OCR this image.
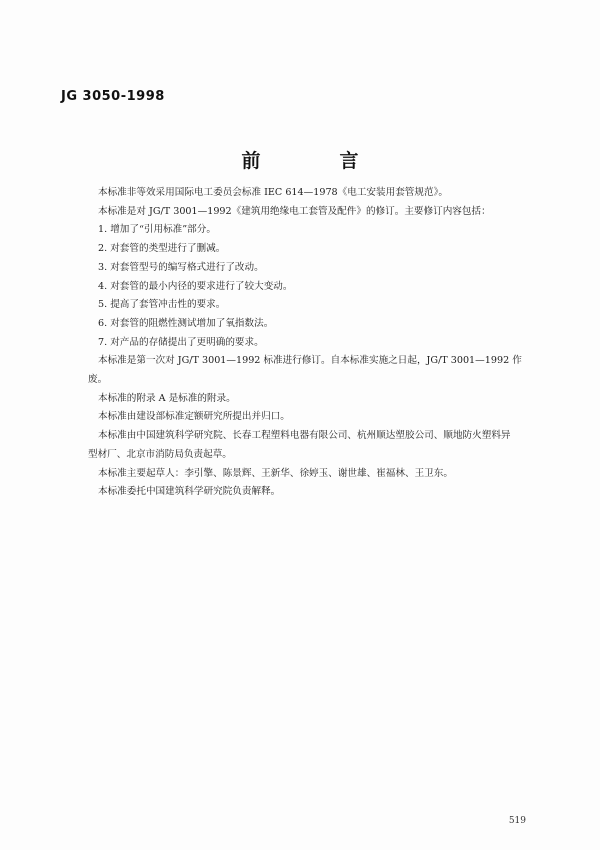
JG 3050-1998
前　言

本标准非等效采用国际电工委员会标准 IEC 614—1978《电工安装用套管规范》。

本标准是对 JG/T 3001—1992《建筑用绝缘电工套管及配件》的修订。主要修订内容包括：

1. 增加了“引用标准”部分。

2. 对套管的类型进行了删减。

3. 对套管型号的编写格式进行了改动。

4. 对套管的最小内径的要求进行了较大变动。

5. 提高了套管冲击性的要求。

6. 对套管的阻燃性测试增加了氧指数法。

7. 对产品的存储提出了更明确的要求。

本标准是第一次对 JG/T 3001—1992 标准进行修订。自本标准实施之日起，JG/T 3001—1992 作

废。

本标准的附录 A 是标准的附录。

本标准由建设部标准定额研究所提出并归口。

本标准由中国建筑科学研究院、长春工程塑料电器有限公司、杭州顺达塑胶公司、顺地防火塑料异

型材厂、北京市消防局负责起草。

本标准主要起草人：李引擎、陈景辉、王新华、徐婷玉、谢世雄、崔福林、王卫东。

本标准委托中国建筑科学研究院负责解释。

519
